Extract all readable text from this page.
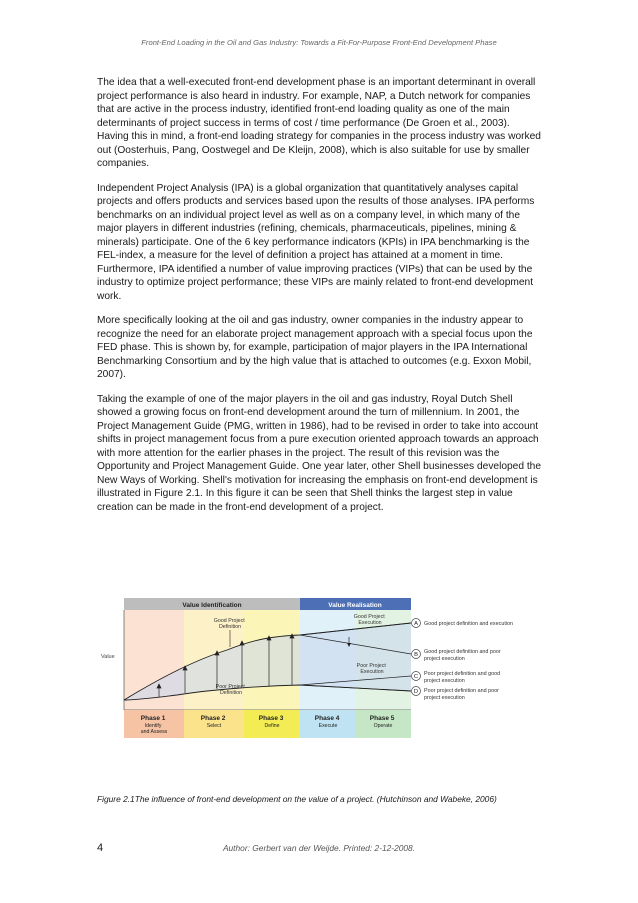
Front-End Loading in the Oil and Gas Industry: Towards a Fit-For-Purpose Front-End Development Phase

The idea that a well-executed front-end development phase is an important determinant in overall project performance is also heard in industry. For example, NAP, a Dutch network for companies that are active in the process industry, identified front-end loading quality as one of the main determinants of project success in terms of cost / time performance (De Groen et al., 2003). Having this in mind, a front-end loading strategy for companies in the process industry was worked out (Oosterhuis, Pang, Oostwegel and De Kleijn, 2008), which is also suitable for use by smaller companies.

Independent Project Analysis (IPA) is a global organization that quantitatively analyses capital projects and offers products and services based upon the results of those analyses. IPA performs benchmarks on an individual project level as well as on a company level, in which many of the major players in different industries (refining, chemicals, pharmaceuticals, pipelines, mining & minerals) participate. One of the 6 key performance indicators (KPIs) in IPA benchmarking is the FEL-index, a measure for the level of definition a project has attained at a moment in time. Furthermore, IPA identified a number of value improving practices (VIPs) that can be used by the industry to optimize project performance; these VIPs are mainly related to front-end development work.

More specifically looking at the oil and gas industry, owner companies in the industry appear to recognize the need for an elaborate project management approach with a special focus upon the FED phase. This is shown by, for example, participation of major players in the IPA International Benchmarking Consortium and by the high value that is attached to outcomes (e.g. Exxon Mobil, 2007).

Taking the example of one of the major players in the oil and gas industry, Royal Dutch Shell showed a growing focus on front-end development around the turn of millennium. In 2001, the Project Management Guide (PMG, written in 1986), had to be revised in order to take into account shifts in project management focus from a pure execution oriented approach towards an approach with more attention for the earlier phases in the project. The result of this revision was the Opportunity and Project Management Guide. One year later, other Shell businesses developed the New Ways of Working. Shell's motivation for increasing the emphasis on front-end development is illustrated in Figure 2.1. In this figure it can be seen that Shell thinks the largest step in value creation can be made in the front-end development of a project.

Value Identification	Value Realisation
Value
Good Project Definition
Good Project Execution
Poor Project Execution
Poor Project Definition
A
B
C
D
Good project definition and execution
Good project definition and poor project execution
Poor project definition and good project execution
Poor project definition and poor project execution
Phase 1 Identify and Assess
Phase 2 Select
Phase 3 Define
Phase 4 Execute
Phase 5 Operate
Figure 2.1The influence of front-end development on the value of a project. (Hutchinson and Wabeke, 2006)
4	Author: Gerbert van der Weijde. Printed: 2-12-2008.
